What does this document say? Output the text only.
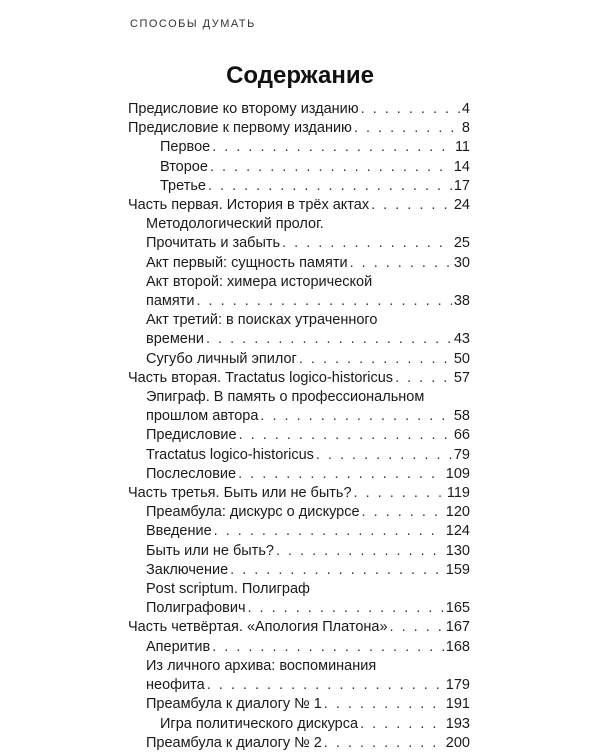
СПОСОБЫ ДУМАТЬ
Содержание
Предисловие ко второму изданию . . .	4
Предисловие к первому изданию . . .	8
Первое . . .	11
Второе . . .	14
Третье . . .	17
Часть первая. История в трёх актах . . .	24
Методологический пролог.
Прочитать и забыть . . .	25
Акт первый: сущность памяти . . .	30
Акт второй: химера исторической
памяти . . .	38
Акт третий: в поисках утраченного
времени . . .	43
Сугубо личный эпилог . . .	50
Часть вторая. Tractatus logico-historicus . . .	57
Эпиграф. В память о профессиональном
прошлом автора . . .	58
Предисловие . . .	66
Tractatus logico-historicus . . .	79
Послесловие . . .	109
Часть третья. Быть или не быть? . . .	119
Преамбула: дискурс о дискурсе . . .	120
Введение . . .	124
Быть или не быть? . . .	130
Заключение . . .	159
Post scriptum. Полиграф
Полиграфович . . .	165
Часть четвёртая. «Апология Платона» . . .	167
Аперитив . . .	168
Из личного архива: воспоминания
неофита . . .	179
Преамбула к диалогу № 1 . . .	191
Игра политического дискурса . . .	193
Преамбула к диалогу № 2 . . .	200
